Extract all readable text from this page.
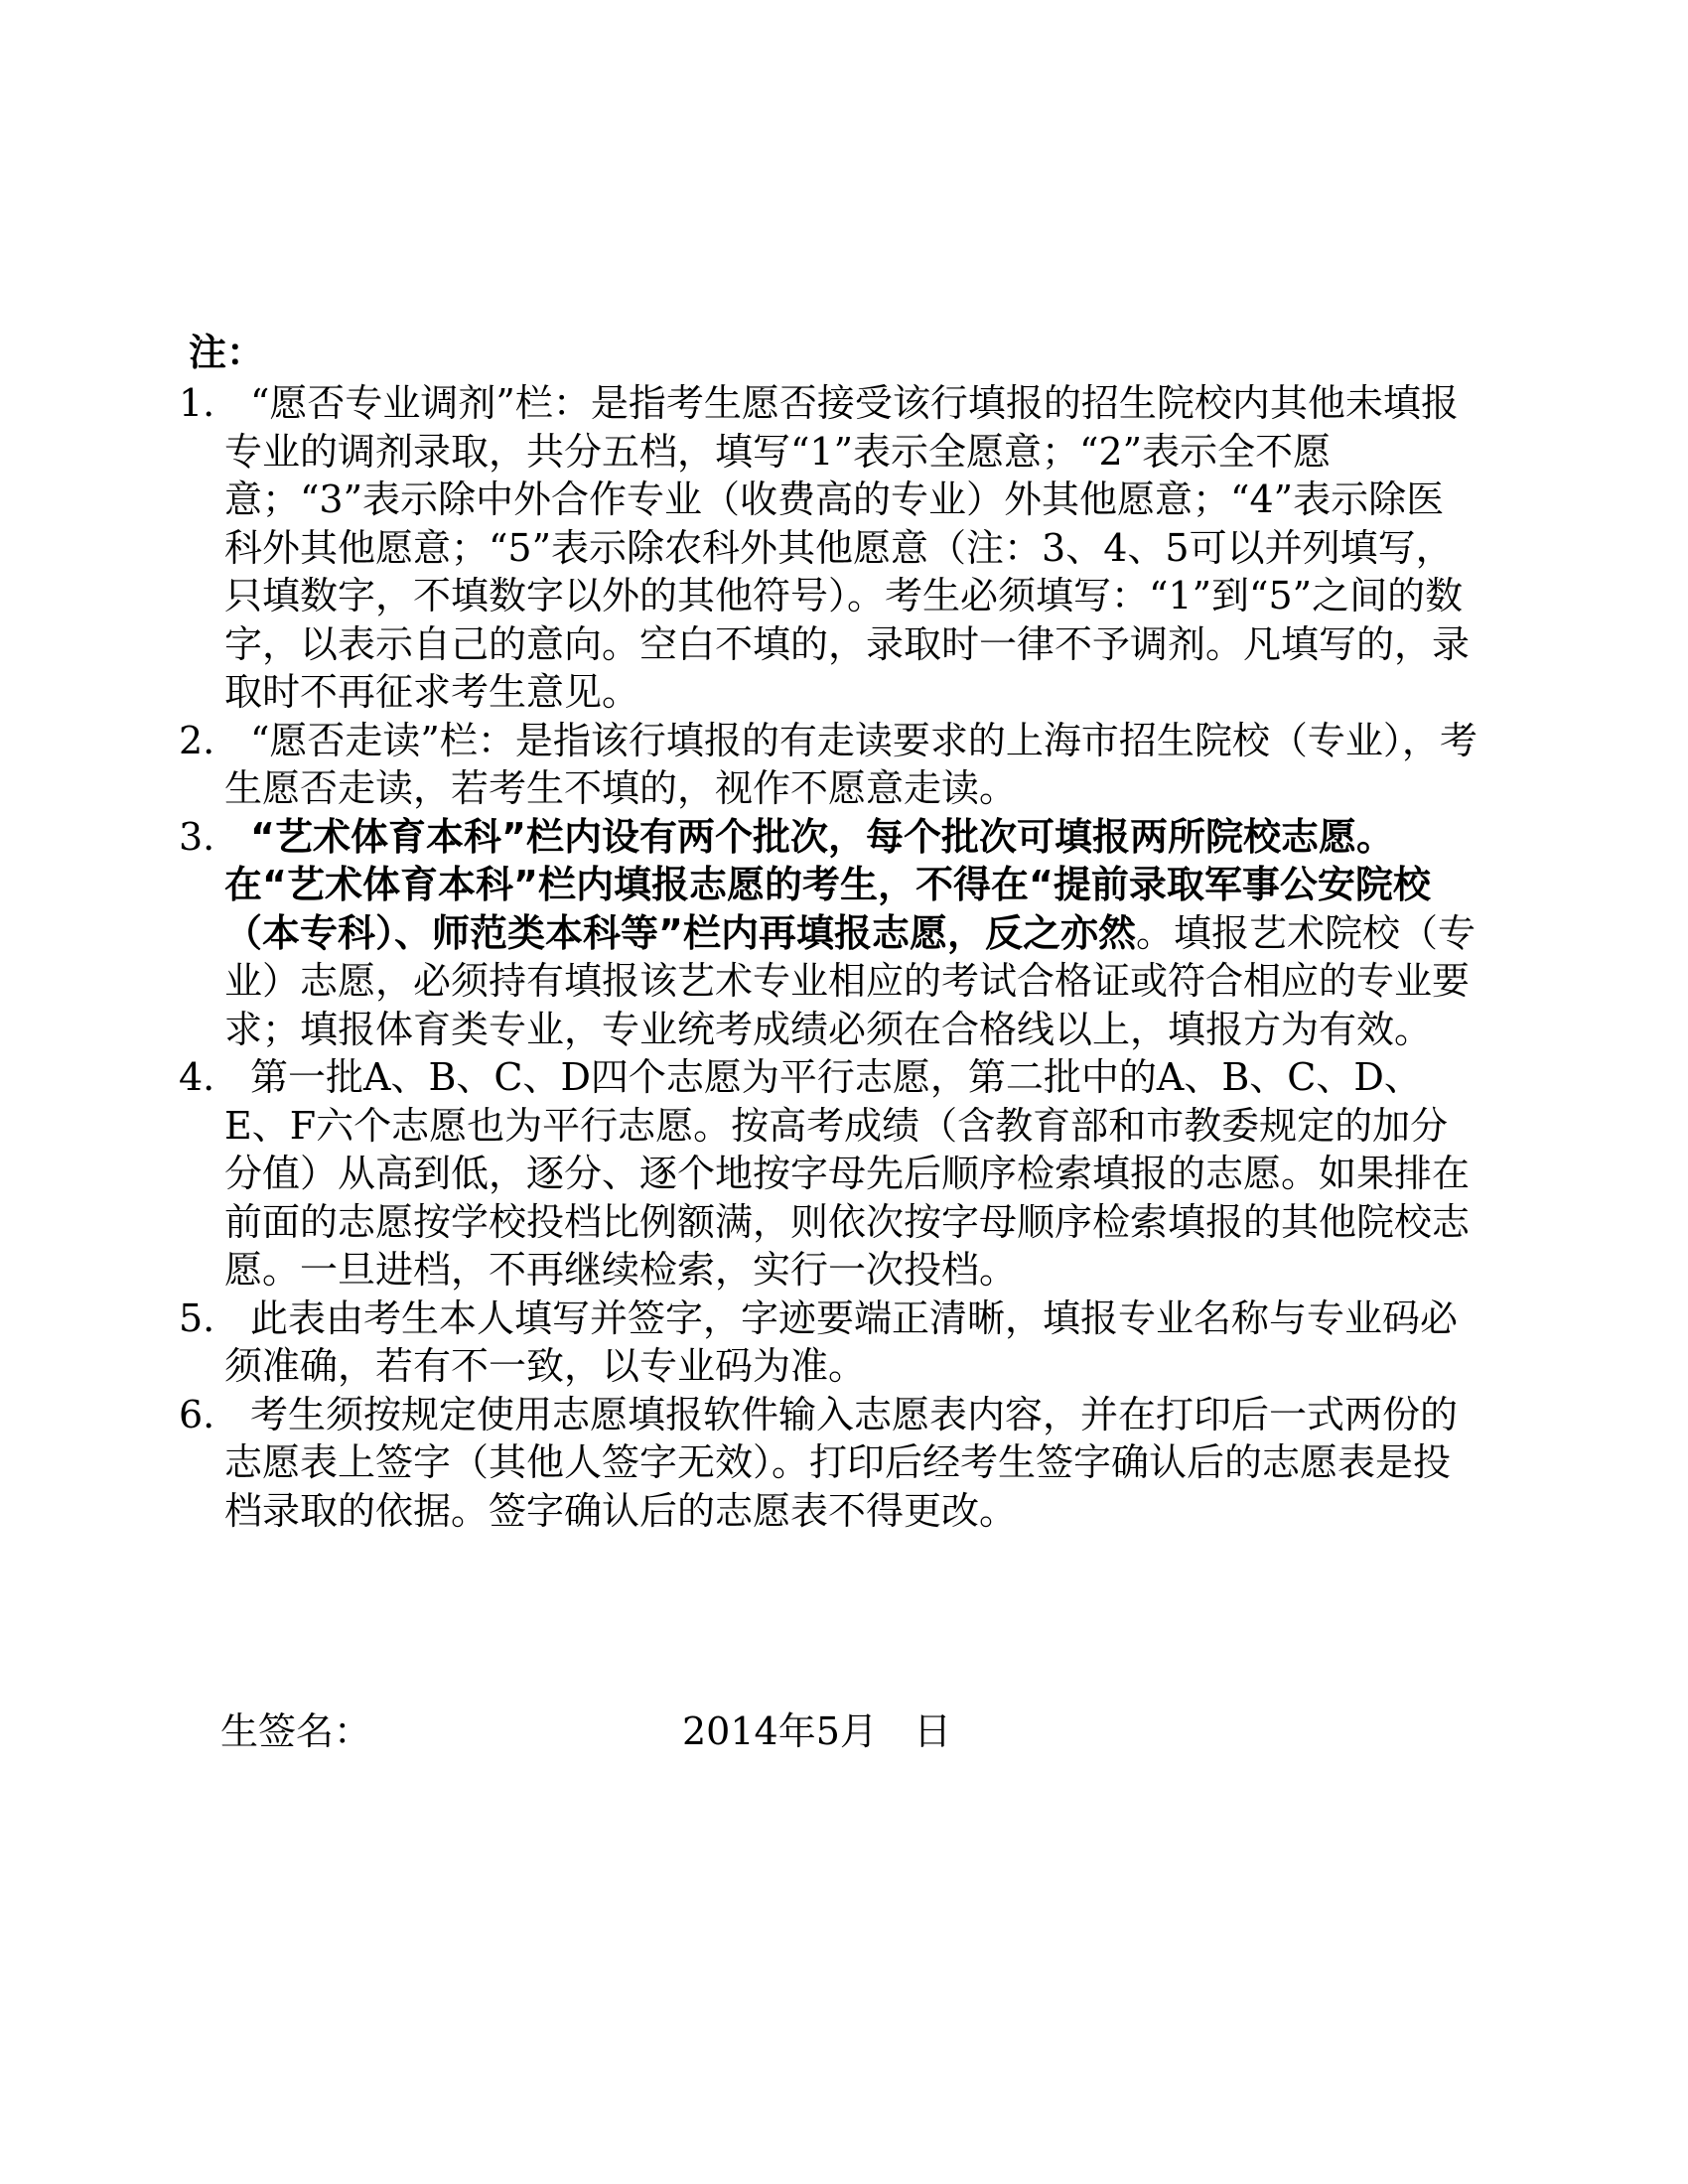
注：
1. “愿否专业调剂”栏：是指考生愿否接受该行填报的招生院校内其他未填报专业的调剂录取，共分五档，填写“1”表示全愿意；“2”表示全不愿意；“3”表示除中外合作专业（收费高的专业）外其他愿意；“4”表示除医科外其他愿意；“5”表示除农科外其他愿意（注：3、4、5可以并列填写，只填数字，不填数字以外的其他符号）。考生必须填写：“1”到“5”之间的数字，以表示自己的意向。空白不填的，录取时一律不予调剂。凡填写的，录取时不再征求考生意见。
2. “愿否走读”栏：是指该行填报的有走读要求的上海市招生院校（专业），考生愿否走读，若考生不填的，视作不愿意走读。
3. “艺术体育本科”栏内设有两个批次，每个批次可填报两所院校志愿。 在“艺术体育本科”栏内填报志愿的考生，不得在“提前录取军事公安院校（本专科）、师范类本科等”栏内再填报志愿，反之亦然。填报艺术院校（专业）志愿，必须持有填报该艺术专业相应的考试合格证或符合相应的专业要求；填报体育类专业，专业统考成绩必须在合格线以上，填报方为有效。
4. 第一批A、B、C、D四个志愿为平行志愿，第二批中的A、B、C、D、E、F六个志愿也为平行志愿。按高考成绩（含教育部和市教委规定的加分分值）从高到低，逐分、逐个地按字母先后顺序检索填报的志愿。如果排在前面的志愿按学校投档比例额满，则依次按字母顺序检索填报的其他院校志愿。一旦进档，不再继续检索，实行一次投档。
5. 此表由考生本人填写并签字，字迹要端正清晰，填报专业名称与专业码必须准确，若有不一致，以专业码为准。
6. 考生须按规定使用志愿填报软件输入志愿表内容，并在打印后一式两份的志愿表上签字（其他人签字无效）。打印后经考生签字确认后的志愿表是投档录取的依据。签字确认后的志愿表不得更改。
生签名：	2014年5月   日
